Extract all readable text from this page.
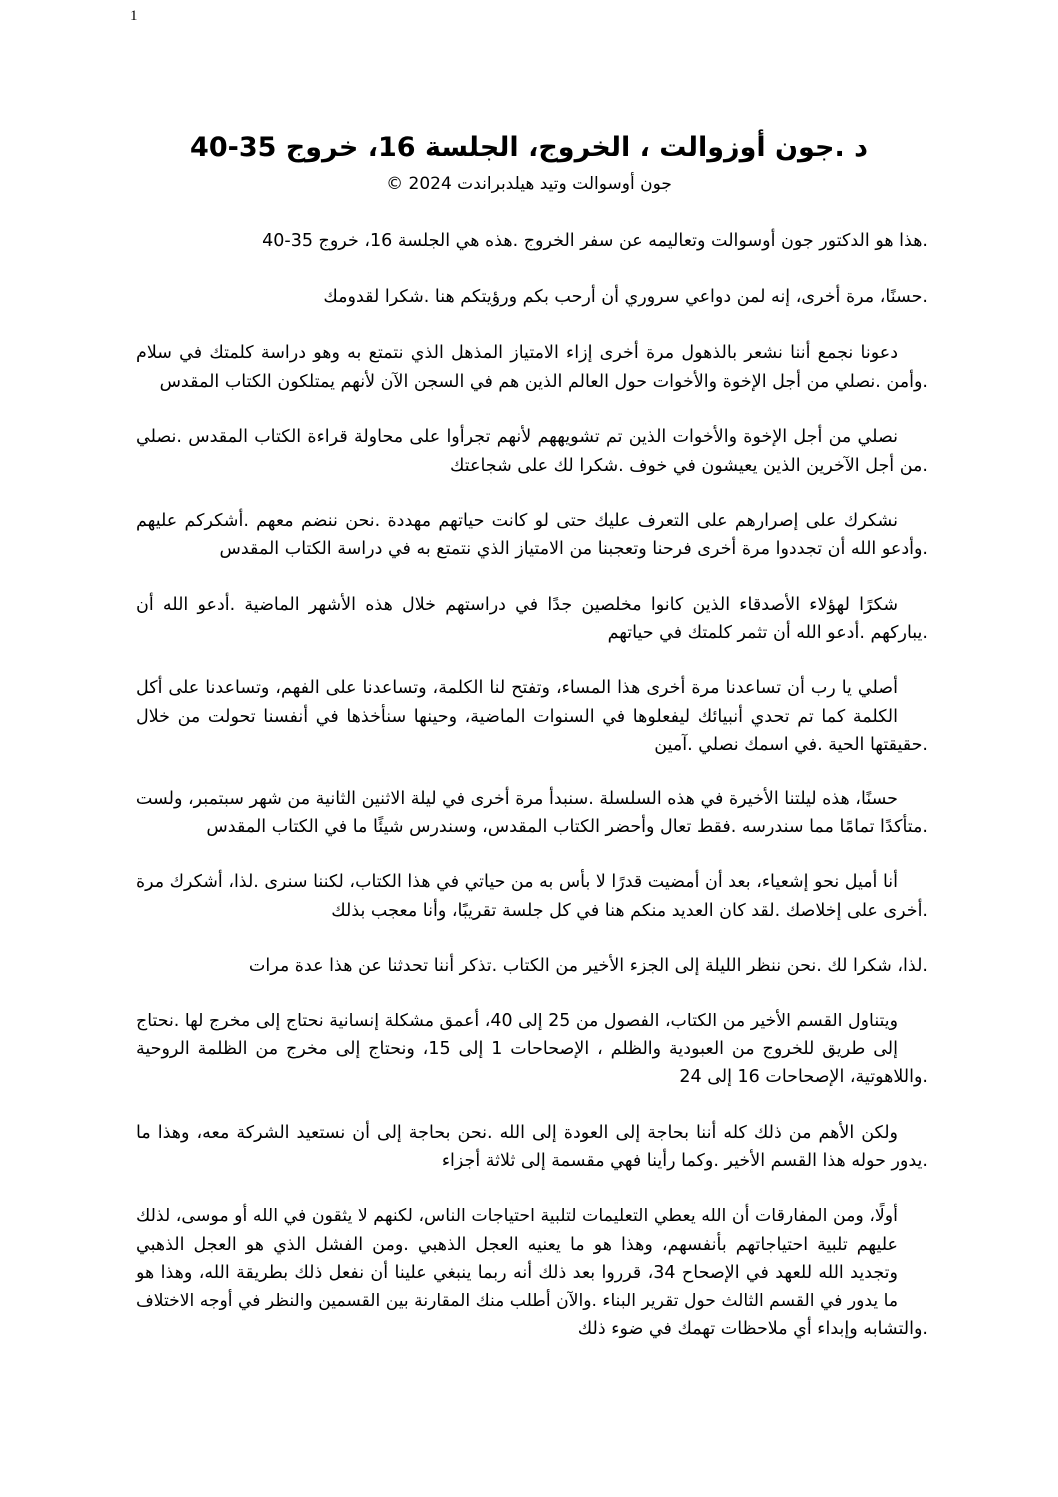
1
د .جون أوزوالت ، الخروج، الجلسة 16، خروج 35-40
جون أوسوالت وتيد هيلدبراندت 2024 ©
.هذا هو الدكتور جون أوسوالت وتعاليمه عن سفر الخروج .هذه هي الجلسة 16، خروج 35-40
.حسنًا، مرة أخرى، إنه لمن دواعي سروري أن أرحب بكم ورؤيتكم هنا .شكرا لقدومك
دعونا نجمع أننا نشعر بالذهول مرة أخرى إزاء الامتياز المذهل الذي نتمتع به وهو دراسة كلمتك في سلام
.وأمن .نصلي من أجل الإخوة والأخوات حول العالم الذين هم في السجن الآن لأنهم يمتلكون الكتاب المقدس
نصلي من أجل الإخوة والأخوات الذين تم تشويههم لأنهم تجرأوا على محاولة قراءة الكتاب المقدس .نصلي
.من أجل الآخرين الذين يعيشون في خوف .شكرا لك على شجاعتك
نشكرك على إصرارهم على التعرف عليك حتى لو كانت حياتهم مهددة .نحن ننضم معهم .أشكركم عليهم
.وأدعو الله أن تجددوا مرة أخرى فرحنا وتعجبنا من الامتياز الذي نتمتع به في دراسة الكتاب المقدس
شكرًا لهؤلاء الأصدقاء الذين كانوا مخلصين جدًا في دراستهم خلال هذه الأشهر الماضية .أدعو الله أن
.يباركهم .أدعو الله أن تثمر كلمتك في حياتهم
أصلي يا رب أن تساعدنا مرة أخرى هذا المساء، وتفتح لنا الكلمة، وتساعدنا على الفهم، وتساعدنا على أكل
الكلمة كما تم تحدي أنبيائك ليفعلوها في السنوات الماضية، وحينها سنأخذها في أنفسنا تحولت من خلال
.حقيقتها الحية .في اسمك نصلي .آمين
حسنًا، هذه ليلتنا الأخيرة في هذه السلسلة .سنبدأ مرة أخرى في ليلة الاثنين الثانية من شهر سبتمبر، ولست
.متأكدًا تمامًا مما سندرسه .فقط تعال وأحضر الكتاب المقدس، وسندرس شيئًا ما في الكتاب المقدس
أنا أميل نحو إشعياء، بعد أن أمضيت قدرًا لا بأس به من حياتي في هذا الكتاب، لكننا سنرى .لذا، أشكرك مرة
.أخرى على إخلاصك .لقد كان العديد منكم هنا في كل جلسة تقريبًا، وأنا معجب بذلك
.لذا، شكرا لك .نحن ننظر الليلة إلى الجزء الأخير من الكتاب .تذكر أننا تحدثنا عن هذا عدة مرات
ويتناول القسم الأخير من الكتاب، الفصول من 25 إلى 40، أعمق مشكلة إنسانية نحتاج إلى مخرج لها .نحتاج
إلى طريق للخروج من العبودية والظلم ، الإصحاحات 1 إلى 15، ونحتاج إلى مخرج من الظلمة الروحية
.واللاهوتية، الإصحاحات 16 إلى 24
ولكن الأهم من ذلك كله أننا بحاجة إلى العودة إلى الله .نحن بحاجة إلى أن نستعيد الشركة معه، وهذا ما
.يدور حوله هذا القسم الأخير .وكما رأينا فهي مقسمة إلى ثلاثة أجزاء
أولًا، ومن المفارقات أن الله يعطي التعليمات لتلبية احتياجات الناس، لكنهم لا يثقون في الله أو موسى، لذلك
عليهم تلبية احتياجاتهم بأنفسهم، وهذا هو ما يعنيه العجل الذهبي .ومن الفشل الذي هو العجل الذهبي
وتجديد الله للعهد في الإصحاح 34، قرروا بعد ذلك أنه ربما ينبغي علينا أن نفعل ذلك بطريقة الله، وهذا هو
ما يدور في القسم الثالث حول تقرير البناء .والآن أطلب منك المقارنة بين القسمين والنظر في أوجه الاختلاف
.والتشابه وإبداء أي ملاحظات تهمك في ضوء ذلك
